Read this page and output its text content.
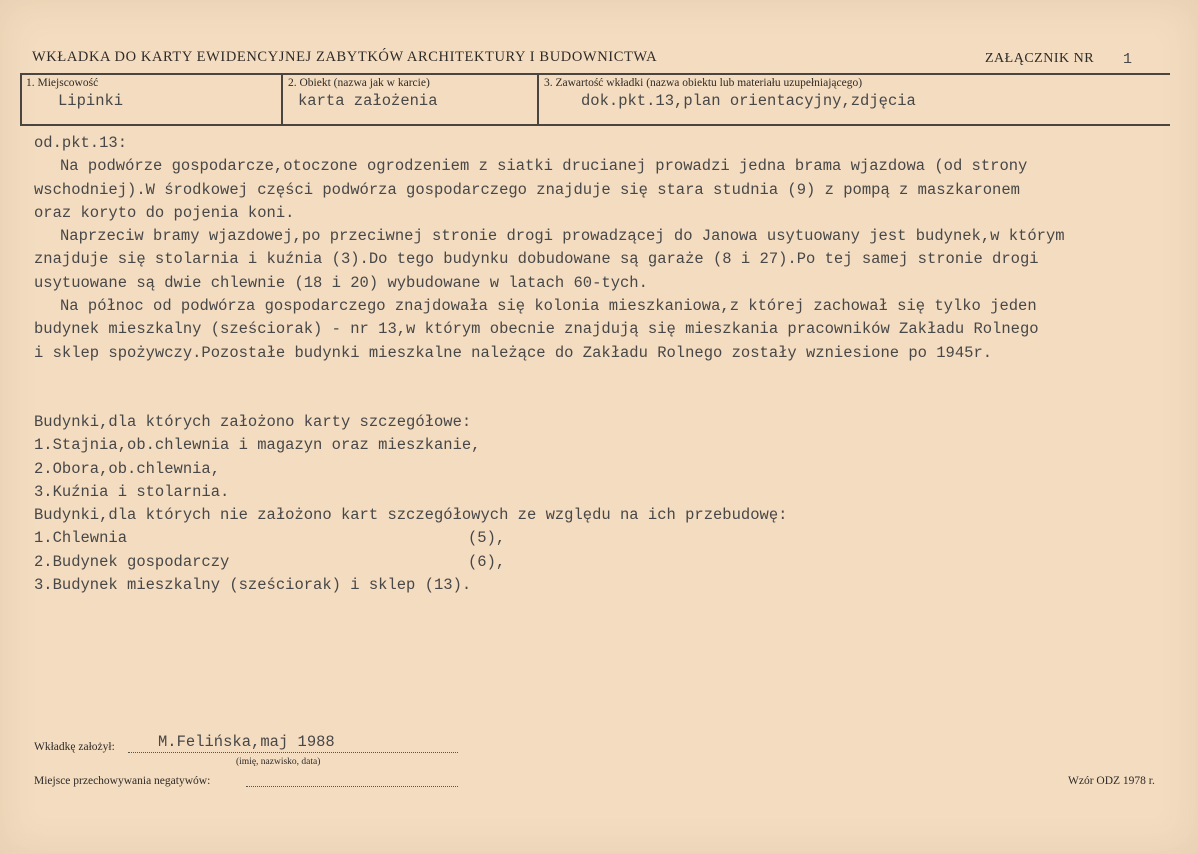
WKŁADKA DO KARTY EWIDENCYJNEJ ZABYTKÓW ARCHITEKTURY I BUDOWNICTWA	ZAŁĄCZNIK NR 1
1. Miejscowość
Lipinki
2. Obiekt (nazwa jak w karcie)
karta założenia
3. Zawartość wkładki (nazwa obiektu lub materiału uzupełniającego)
dok.pkt.13,plan orientacyjny,zdjęcia
od.pkt.13:
Na podwórze gospodarcze,otoczone ogrodzeniem z siatki drucianej prowadzi jedna brama wjazdowa (od strony
wschodniej).W środkowej części podwórza gospodarczego znajduje się stara studnia (9) z pompą z maszkaronem
oraz koryto do pojenia koni.
Naprzeciw bramy wjazdowej,po przeciwnej stronie drogi prowadzącej do Janowa usytuowany jest budynek,w którym
znajduje się stolarnia i kuźnia (3).Do tego budynku dobudowane są garaże (8 i 27).Po tej samej stronie drogi
usytuowane są dwie chlewnie (18 i 20) wybudowane w latach 60-tych.
Na północ od podwórza gospodarczego znajdowała się kolonia mieszkaniowa,z której zachował się tylko jeden
budynek mieszkalny (sześciorak) - nr 13,w którym obecnie znajdują się mieszkania pracowników Zakładu Rolnego
i sklep spożywczy.Pozostałe budynki mieszkalne należące do Zakładu Rolnego zostały wzniesione po 1945r.
Budynki,dla których założono karty szczegółowe:
1.Stajnia,ob.chlewnia i magazyn oraz mieszkanie,
2.Obora,ob.chlewnia,
3.Kuźnia i stolarnia.
Budynki,dla których nie założono kart szczegółowych ze względu na ich przebudowę:
1.Chlewnia	(5),
2.Budynek gospodarczy	(6),
3.Budynek mieszkalny (sześciorak) i sklep (13).
Wkładkę założył:	M.Felińska,maj 1988
(imię, nazwisko, data)
Miejsce przechowywania negatywów:	Wzór ODZ 1978 r.
